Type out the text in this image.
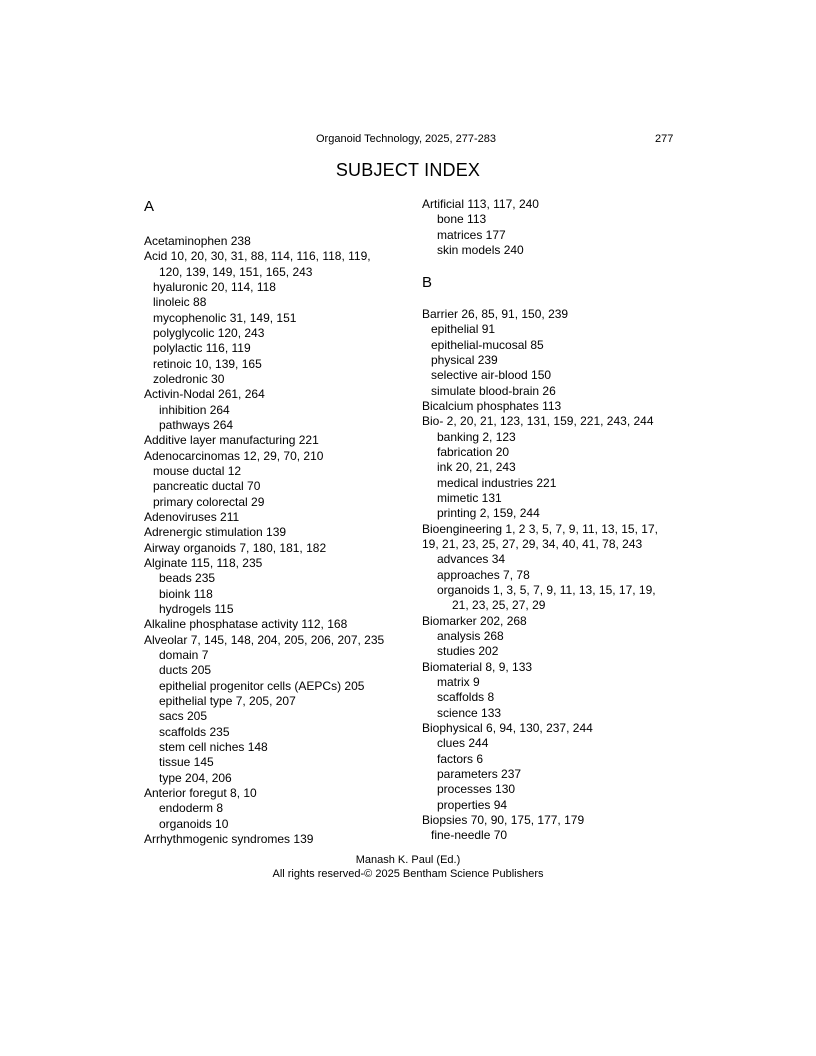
Organoid Technology, 2025, 277-283	277
SUBJECT INDEX
A
Acetaminophen 238
Acid 10, 20, 30, 31, 88, 114, 116, 118, 119,
120, 139, 149, 151, 165, 243
hyaluronic 20, 114, 118
linoleic 88
mycophenolic 31, 149, 151
polyglycolic 120, 243
polylactic 116, 119
retinoic 10, 139, 165
zoledronic 30
Activin-Nodal 261, 264
inhibition 264
pathways 264
Additive layer manufacturing 221
Adenocarcinomas 12, 29, 70, 210
mouse ductal 12
pancreatic ductal 70
primary colorectal 29
Adenoviruses 211
Adrenergic stimulation 139
Airway organoids 7, 180, 181, 182
Alginate 115, 118, 235
beads 235
bioink 118
hydrogels 115
Alkaline phosphatase activity 112, 168
Alveolar 7, 145, 148, 204, 205, 206, 207, 235
domain 7
ducts 205
epithelial progenitor cells (AEPCs) 205
epithelial type 7, 205, 207
sacs 205
scaffolds 235
stem cell niches 148
tissue 145
type 204, 206
Anterior foregut 8, 10
endoderm 8
organoids 10
Arrhythmogenic syndromes 139
B
Artificial 113, 117, 240
bone 113
matrices 177
skin models 240
Barrier 26, 85, 91, 150, 239
epithelial 91
epithelial-mucosal 85
physical 239
selective air-blood 150
simulate blood-brain 26
Bicalcium phosphates 113
Bio- 2, 20, 21, 123, 131, 159, 221, 243, 244
banking 2, 123
fabrication 20
ink 20, 21, 243
medical industries 221
mimetic 131
printing 2, 159, 244
Bioengineering 1, 2 3, 5, 7, 9, 11, 13, 15, 17,
19, 21, 23, 25, 27, 29, 34, 40, 41, 78, 243
advances 34
approaches 7, 78
organoids 1, 3, 5, 7, 9, 11, 13, 15, 17, 19,
21, 23, 25, 27, 29
Biomarker 202, 268
analysis 268
studies 202
Biomaterial 8, 9, 133
matrix 9
scaffolds 8
science 133
Biophysical 6, 94, 130, 237, 244
clues 244
factors 6
parameters 237
processes 130
properties 94
Biopsies 70, 90, 175, 177, 179
fine-needle 70
Manash K. Paul (Ed.)
All rights reserved-© 2025 Bentham Science Publishers
